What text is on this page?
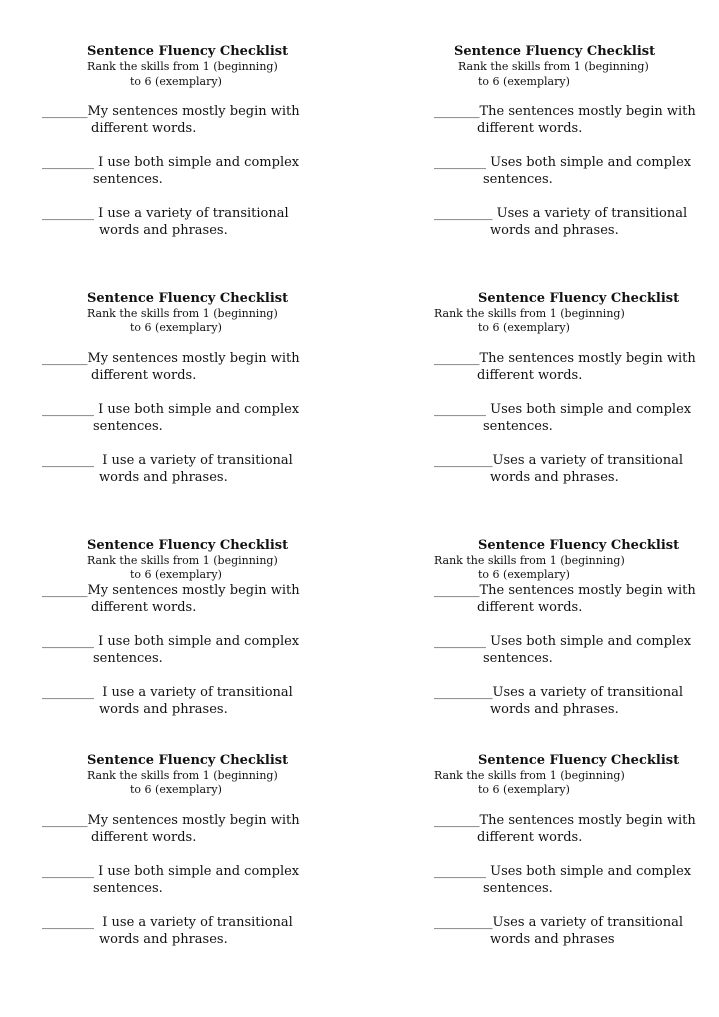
Sentence Fluency Checklist
Rank the skills from 1 (beginning)
to 6 (exemplary)
_______My sentences mostly begin with
different words.
________ I use both simple and complex
sentences.
________ I use a variety of transitional
words and phrases.
Sentence Fluency Checklist
Rank the skills from 1 (beginning)
to 6 (exemplary)
_______The sentences mostly begin with
different words.
________ Uses both simple and complex
sentences.
_________ Uses a variety of transitional
words and phrases.
Sentence Fluency Checklist
Rank the skills from 1 (beginning)
to 6 (exemplary)
_______My sentences mostly begin with
different words.
________ I use both simple and complex
sentences.
________  I use a variety of transitional
words and phrases.
Sentence Fluency Checklist
Rank the skills from 1 (beginning)
to 6 (exemplary)
_______The sentences mostly begin with
different words.
________ Uses both simple and complex
sentences.
_________Uses a variety of transitional
words and phrases.
Sentence Fluency Checklist
Rank the skills from 1 (beginning)
to 6 (exemplary)
_______My sentences mostly begin with
different words.
________ I use both simple and complex
sentences.
________  I use a variety of transitional
words and phrases.
Sentence Fluency Checklist
Rank the skills from 1 (beginning)
to 6 (exemplary)
_______The sentences mostly begin with
different words.
________ Uses both simple and complex
sentences.
_________Uses a variety of transitional
words and phrases.
Sentence Fluency Checklist
Rank the skills from 1 (beginning)
to 6 (exemplary)
_______My sentences mostly begin with
different words.
________ I use both simple and complex
sentences.
________  I use a variety of transitional
words and phrases.
Sentence Fluency Checklist
Rank the skills from 1 (beginning)
to 6 (exemplary)
_______The sentences mostly begin with
different words.
________ Uses both simple and complex
sentences.
_________Uses a variety of transitional
words and phrases
